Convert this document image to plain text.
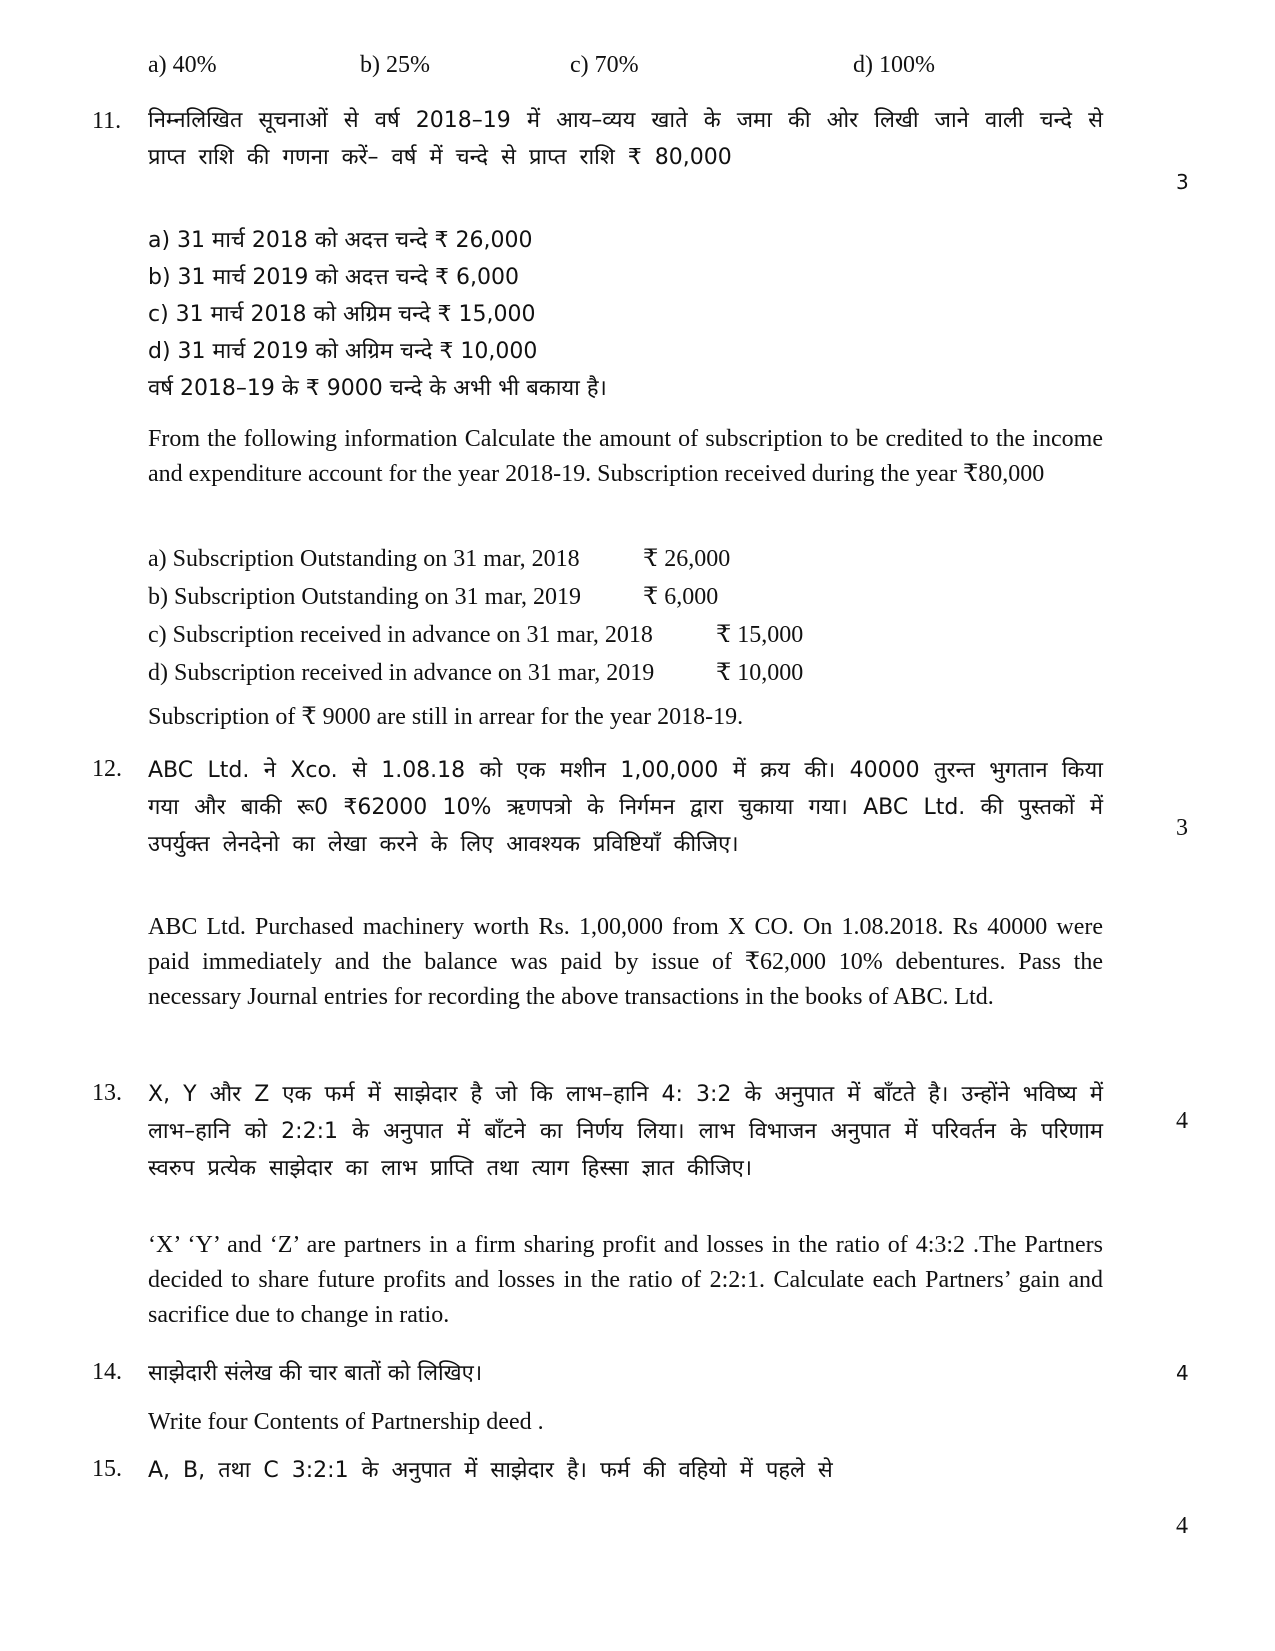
a) 40%	b) 25%	c) 70%	d) 100%
11. निम्नलिखित सूचनाओं से वर्ष 2018–19 में आय–व्यय खाते के जमा की ओर लिखी जाने वाली चन्दे से प्राप्त राशि की गणना करें– वर्ष में चन्दे से प्राप्त राशि ₹ 80,000
a) 31 मार्च 2018 को अदत्त चन्दे ₹ 26,000
b) 31 मार्च 2019 को अदत्त चन्दे ₹ 6,000
c) 31 मार्च 2018 को अग्रिम चन्दे ₹ 15,000
d) 31 मार्च 2019 को अग्रिम चन्दे ₹ 10,000
वर्ष 2018–19 के ₹ 9000 चन्दे के अभी भी बकाया है।
From the following information Calculate the amount of subscription to be credited to the income and expenditure account for the year 2018-19. Subscription received during the year ₹80,000
a) Subscription Outstanding on 31 mar, 2018	₹ 26,000
b) Subscription Outstanding on 31 mar, 2019	₹ 6,000
c) Subscription received in advance on 31 mar, 2018	₹ 15,000
d) Subscription received in advance on 31 mar, 2019	₹ 10,000
Subscription of ₹ 9000 are still in arrear for the year 2018-19.
3
12. ABC Ltd. ने Xco. से 1.08.18 को एक मशीन 1,00,000 में क्रय की। 40000 तुरन्त भुगतान किया गया और बाकी रू0 ₹62000 10% ऋणपत्रो के निर्गमन द्वारा चुकाया गया। ABC Ltd. की पुस्तकों में उपर्युक्त लेनदेनो का लेखा करने के लिए आवश्यक प्रविष्टियाँ कीजिए।
ABC Ltd. Purchased machinery worth Rs. 1,00,000 from X CO. On 1.08.2018. Rs 40000 were paid immediately and the balance was paid by issue of ₹62,000 10% debentures. Pass the necessary Journal entries for recording the above transactions in the books of ABC. Ltd.
3
13. X, Y और Z एक फर्म में साझेदार है जो कि लाभ–हानि 4: 3:2 के अनुपात में बाँटते है। उन्होंने भविष्य में लाभ–हानि को 2:2:1 के अनुपात में बाँटने का निर्णय लिया। लाभ विभाजन अनुपात में परिवर्तन के परिणाम स्वरुप प्रत्येक साझेदार का लाभ प्राप्ति तथा त्याग हिस्सा ज्ञात कीजिए।
‘X’ ‘Y’ and ‘Z’ are partners in a firm sharing profit and losses in the ratio of 4:3:2 .The Partners decided to share future profits and losses in the ratio of 2:2:1. Calculate each Partners’ gain and sacrifice due to change in ratio.
4
14. साझेदारी संलेख की चार बातों को लिखिए।
Write four Contents of Partnership deed .
4
15. A, B, तथा C 3:2:1 के अनुपात में साझेदार है। फर्म की वहियो में पहले से
4
